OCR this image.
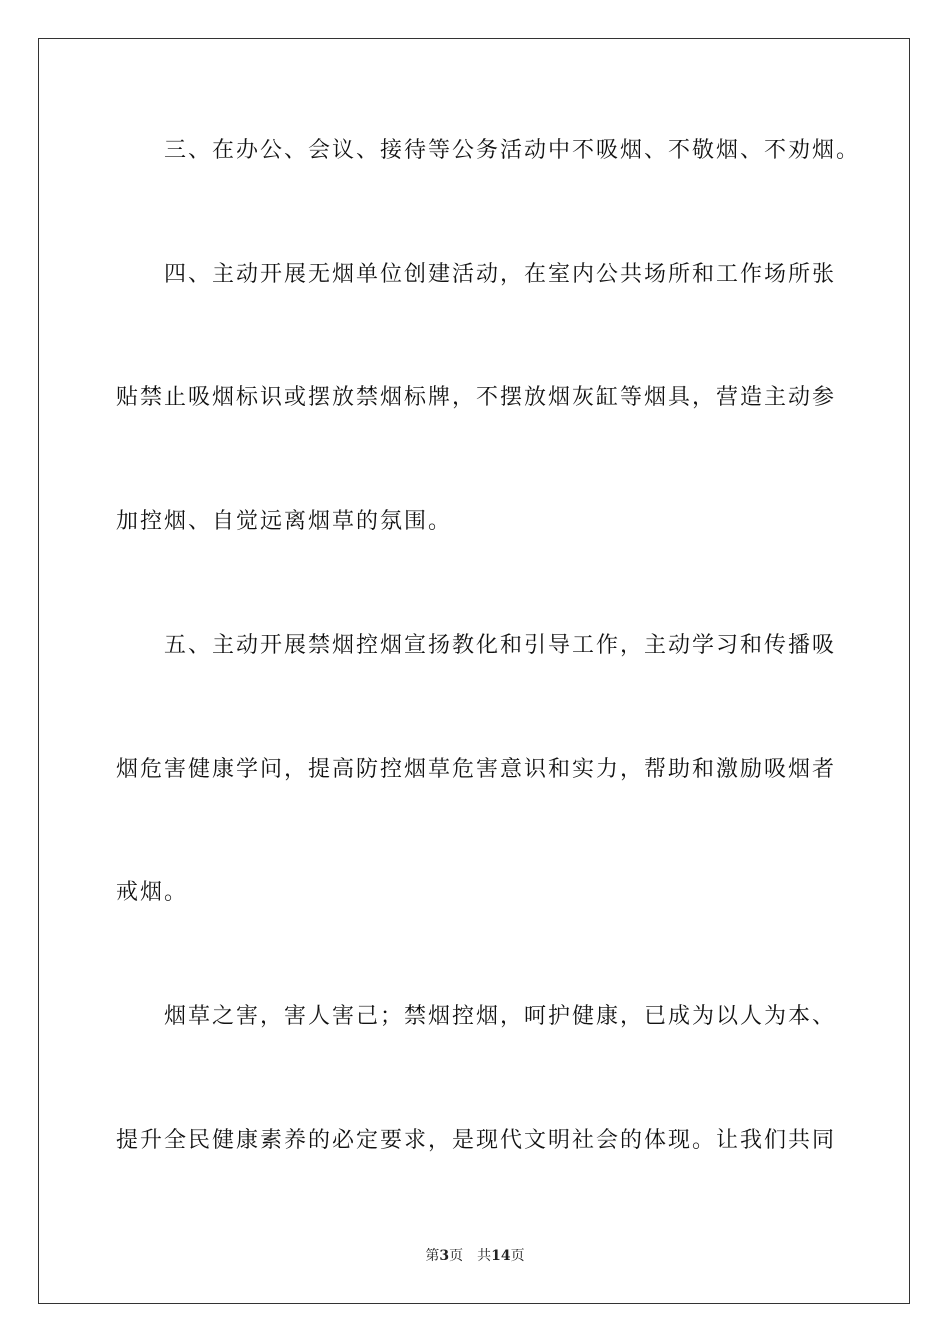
三、在办公、会议、接待等公务活动中不吸烟、不敬烟、不劝烟。
四、主动开展无烟单位创建活动，在室内公共场所和工作场所张
贴禁止吸烟标识或摆放禁烟标牌，不摆放烟灰缸等烟具，营造主动参
加控烟、自觉远离烟草的氛围。
五、主动开展禁烟控烟宣扬教化和引导工作，主动学习和传播吸
烟危害健康学问，提高防控烟草危害意识和实力，帮助和激励吸烟者
戒烟。
烟草之害，害人害己；禁烟控烟，呵护健康，已成为以人为本、
提升全民健康素养的必定要求，是现代文明社会的体现。让我们共同
第3页 共14页
